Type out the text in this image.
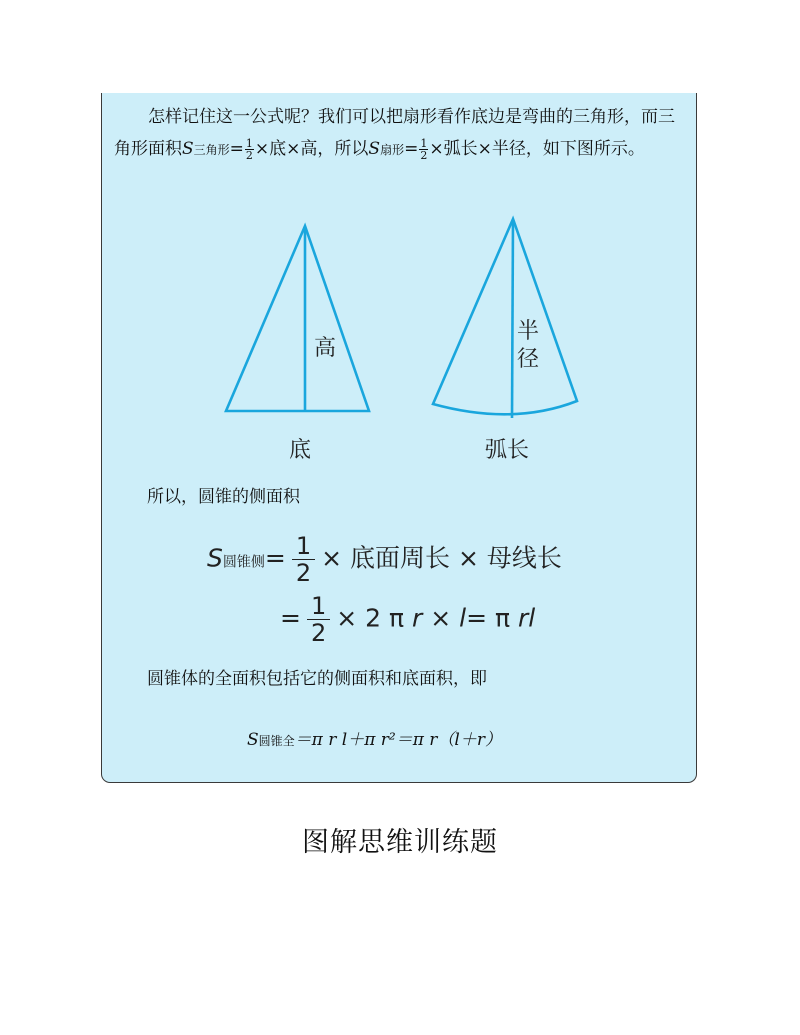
怎样记住这一公式呢？我们可以把扇形看作底边是弯曲的三角形，而三角形面积S三角形= $\frac{1}{2}$ ×底×高，所以S扇形= $\frac{1}{2}$ ×弧长×半径，如下图所示。

高
半
径
底	弧长

所以，圆锥的侧面积

S圆锥侧= $\frac{1}{2}$ × 底面周长 × 母线长
= $\frac{1}{2} \times 2$ π r × l= π rl

圆锥体的全面积包括它的侧面积和底面积，即

S圆锥全＝π r l＋π r²＝π r（l＋r）

图解思维训练题
